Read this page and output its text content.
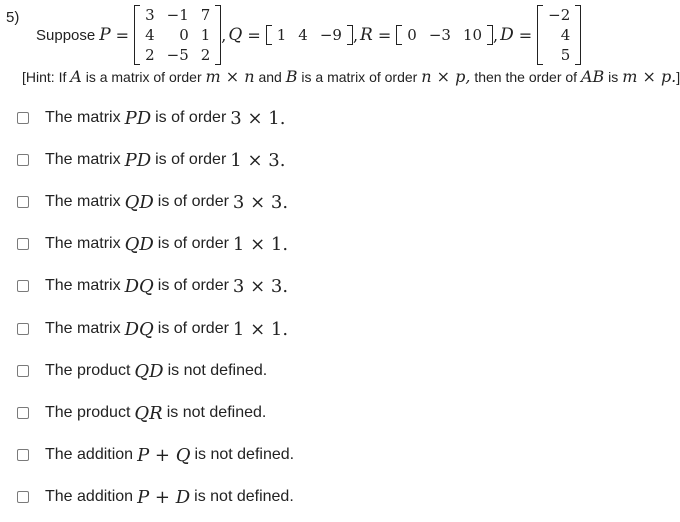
5)
Suppose P =
3 −1 7
4	0 1
2 −5 2
, Q =	1 4 −9 , R =	0 −3 10 , D =
−2
4
5
[Hint: If A is a matrix of order m × n and B is a matrix of order n × p, then the order of AB is m × p.]
The matrix PD is of order 3 × 1.
The matrix PD is of order 1 × 3.
The matrix QD is of order 3 × 3.
The matrix QD is of order 1 × 1.
The matrix DQ is of order 3 × 3.
The matrix DQ is of order 1 × 1.
The product QD is not defined.
The product QR is not defined.
The addition P + Q is not defined.
The addition P + D is not defined.
